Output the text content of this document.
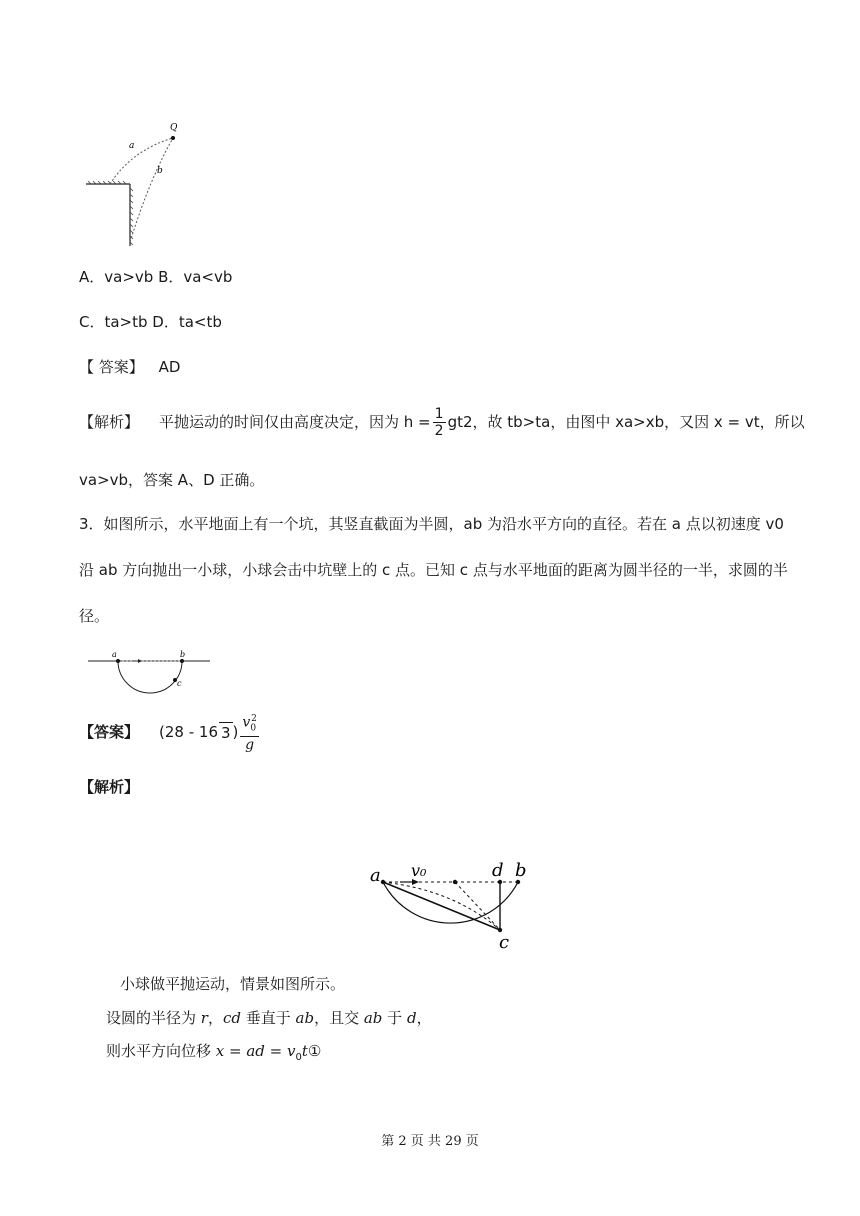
Q
a
b
A．va>vb B．va<vb
C．ta>tb D．ta<tb
【 答案】 AD
【解析】 平抛运动的时间仅由高度决定，因为 $h = \frac{1}{2} gt2$，故 tb>ta，由图中 xa>xb，又因 x = vt，所以
va>vb，答案 A、D 正确。
3．如图所示，水平地面上有一个坑，其竖直截面为半圆，ab 为沿水平方向的直径。若在 a 点以初速度 v0
沿 ab 方向抛出一小球，小球会击中坑壁上的 c 点。已知 c 点与水平地面的距离为圆半径的一半，求圆的半
径。
a	b
c
【答案】 (28 - 16 3 ) $\frac{v_0^2}{g}$
【解析】
a v₀	d b
c
小球做平抛运动，情景如图所示。
设圆的半径为 r，cd 垂直于 ab，且交 ab 于 d，
则水平方向位移 x = ad = $v_0t①$
第 2 页 共 29 页
